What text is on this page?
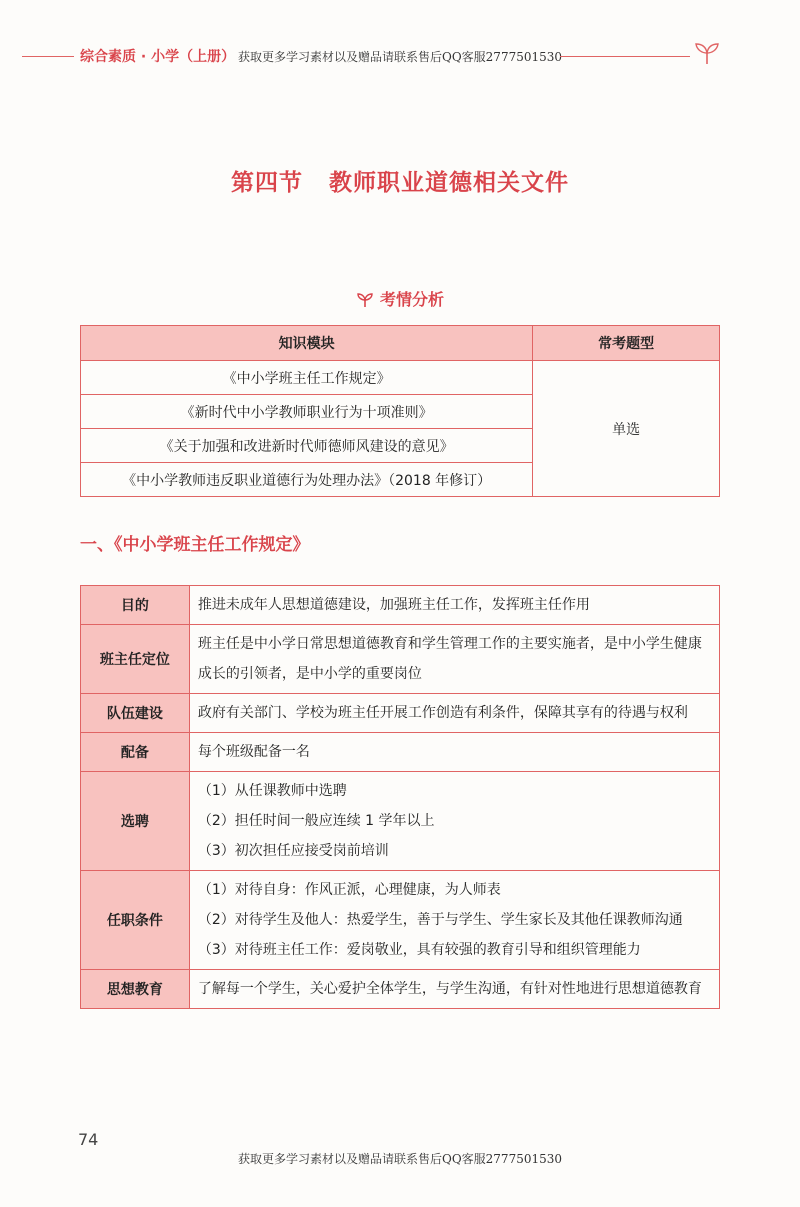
综合素质 · 小学（上册） 获取更多学习素材以及赠品请联系售后QQ客服2777501530
第四节 教师职业道德相关文件
考情分析
知识模块	常考题型
《中小学班主任工作规定》	单选
《新时代中小学教师职业行为十项准则》	
《关于加强和改进新时代师德师风建设的意见》	
《中小学教师违反职业道德行为处理办法》（2018 年修订）	
一、《中小学班主任工作规定》
目的	推进未成年人思想道德建设，加强班主任工作，发挥班主任作用

班主任定位	班主任是中小学日常思想道德教育和学生管理工作的主要实施者，是中小学生健康成长的引领者，是中小学的重要岗位

队伍建设	政府有关部门、学校为班主任开展工作创造有利条件，保障其享有的待遇与权利

配备	每个班级配备一名

选聘	（1）从任课教师中选聘
（2）担任时间一般应连续 1 学年以上
（3）初次担任应接受岗前培训

任职条件	（1）对待自身：作风正派，心理健康，为人师表
（2）对待学生及他人：热爱学生，善于与学生、学生家长及其他任课教师沟通
（3）对待班主任工作：爱岗敬业，具有较强的教育引导和组织管理能力

思想教育	了解每一个学生，关心爱护全体学生，与学生沟通，有针对性地进行思想道德教育
74
获取更多学习素材以及赠品请联系售后QQ客服2777501530
